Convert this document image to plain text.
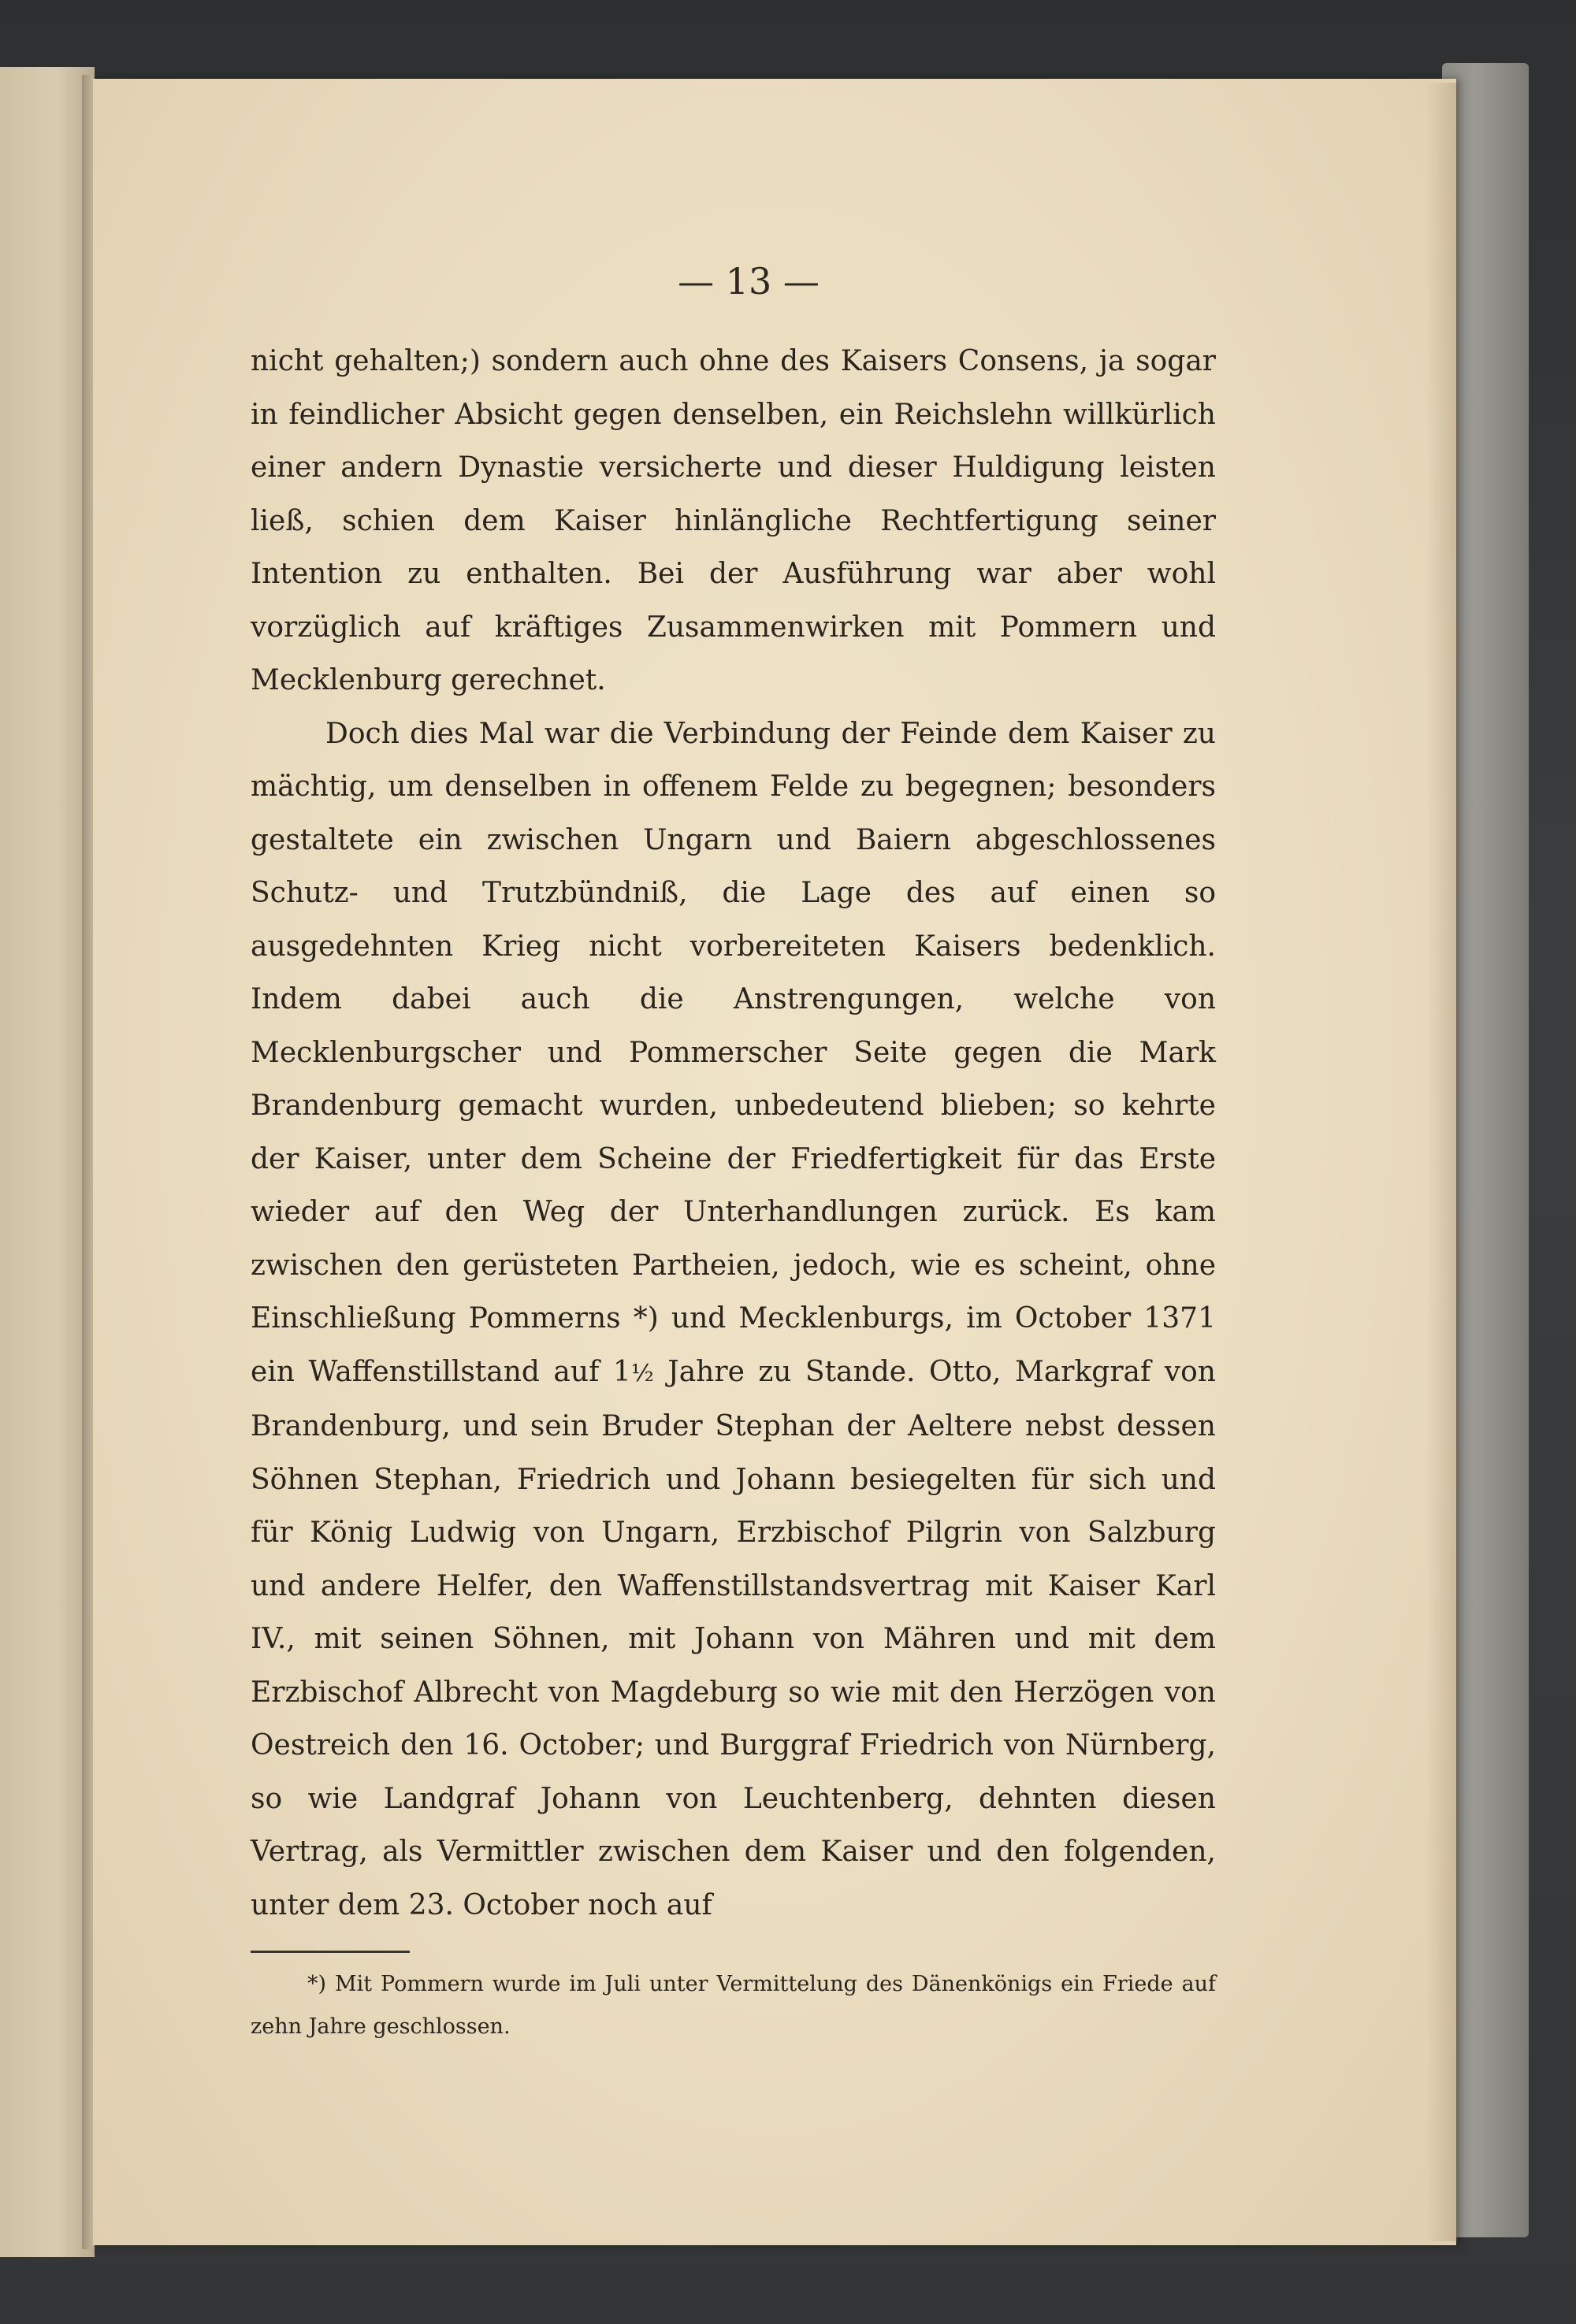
— 13 —

nicht gehalten;) sondern auch ohne des Kaisers Consens, ja sogar in feindlicher Absicht gegen denselben, ein Reichslehn willkürlich einer andern Dynastie versicherte und dieser Huldigung leisten ließ, schien dem Kaiser hinlängliche Rechtfertigung seiner Intention zu enthalten. Bei der Ausführung war aber wohl vorzüglich auf kräftiges Zusammenwirken mit Pommern und Mecklenburg gerechnet.

Doch dies Mal war die Verbindung der Feinde dem Kaiser zu mächtig, um denselben in offenem Felde zu begegnen; besonders gestaltete ein zwischen Ungarn und Baiern abgeschlossenes Schutz- und Trutzbündniß, die Lage des auf einen so ausgedehnten Krieg nicht vorbereiteten Kaisers bedenklich. Indem dabei auch die Anstrengungen, welche von Mecklenburgscher und Pommerscher Seite gegen die Mark Brandenburg gemacht wurden, unbedeutend blieben; so kehrte der Kaiser, unter dem Scheine der Friedfertigkeit für das Erste wieder auf den Weg der Unterhandlungen zurück. Es kam zwischen den gerüsteten Partheien, jedoch, wie es scheint, ohne Einschließung Pommerns *) und Mecklenburgs, im October 1371 ein Waffenstillstand auf 1½ Jahre zu Stande. Otto, Markgraf von Brandenburg, und sein Bruder Stephan der Aeltere nebst dessen Söhnen Stephan, Friedrich und Johann besiegelten für sich und für König Ludwig von Ungarn, Erzbischof Pilgrin von Salzburg und andere Helfer, den Waffenstillstandsvertrag mit Kaiser Karl IV., mit seinen Söhnen, mit Johann von Mähren und mit dem Erzbischof Albrecht von Magdeburg so wie mit den Herzögen von Oestreich den 16. October; und Burggraf Friedrich von Nürnberg, so wie Landgraf Johann von Leuchtenberg, dehnten diesen Vertrag, als Vermittler zwischen dem Kaiser und den folgenden, unter dem 23. October noch auf

*) Mit Pommern wurde im Juli unter Vermittelung des Dänenkönigs ein Friede auf zehn Jahre geschlossen.
